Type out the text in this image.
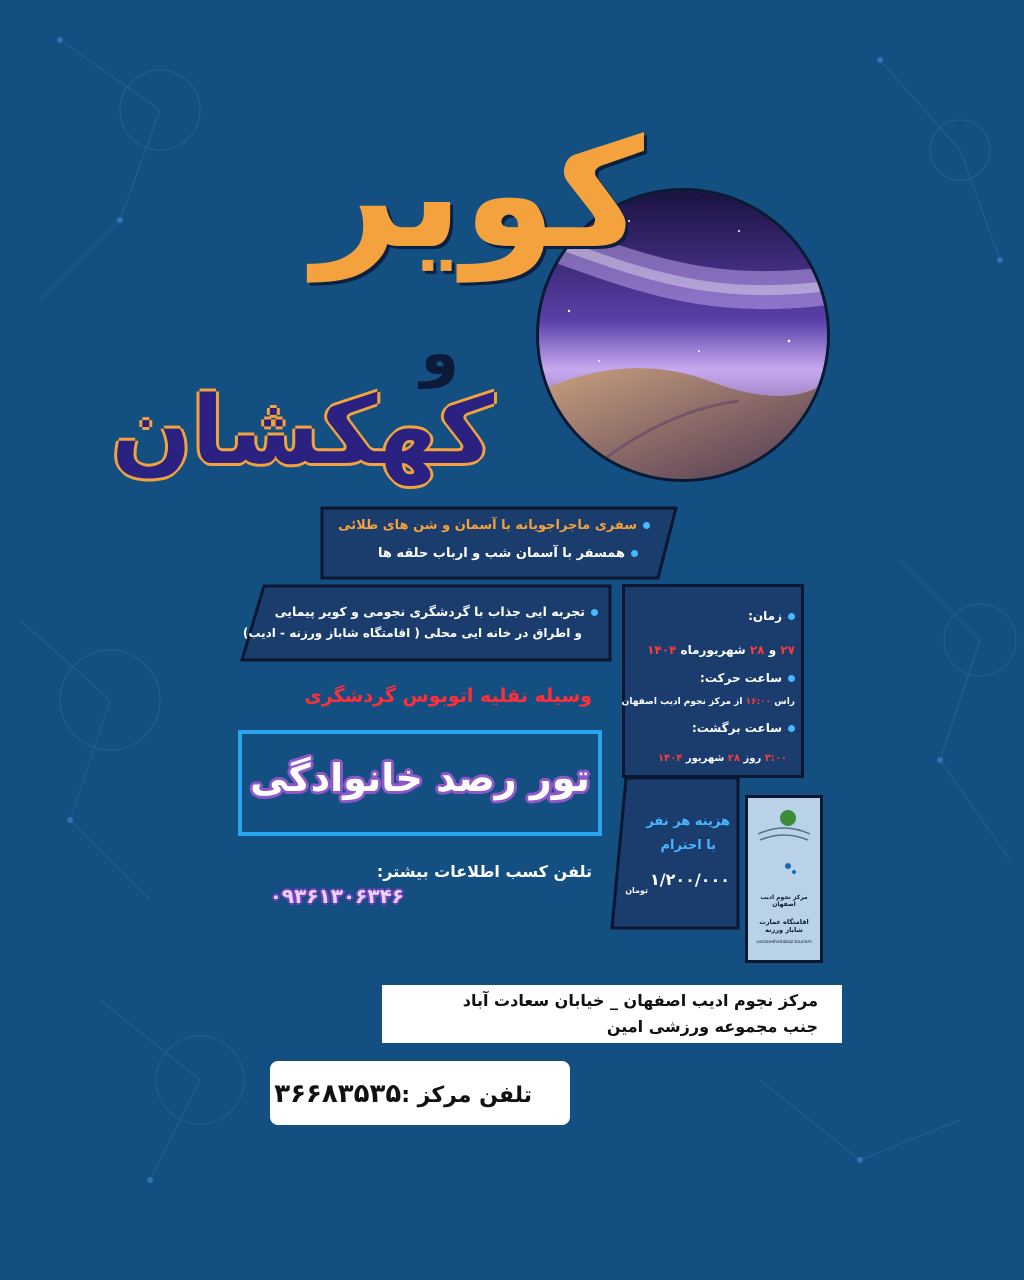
کویر
و
کهکشان
سفری ماجراجویانه با آسمان و شن های طلائی
همسفر با آسمان شب و ارباب حلقه ها
تجربه ایی جذاب با گردشگری نجومی و کویر پیمایی
و اطراق در خانه ایی محلی ( اقامتگاه شاباز ورزنه - ادیب)
زمان:
۲۷ و ۲۸ شهریورماه ۱۴۰۴
ساعت حرکت:
راس ۱۶:۰۰ از مرکز نجوم ادیب اصفهان
ساعت برگشت:
۳:۰۰ روز ۲۸ شهریور ۱۴۰۴
وسیله نقلیه اتوبوس گردشگری
تور رصد خانوادگی
هزینه هر نفر
با احترام
۱/۲۰۰/۰۰۰
تومان
مرکز نجوم ادیب اصفهان
اقامتگاه عمارت شاباز ورزنه
varzanehshabaz.tourism
تلفن کسب اطلاعات بیشتر:
۰۹۳۶۱۳۰۶۳۴۶
مرکز نجوم ادیب اصفهان _ خیابان سعادت آباد
جنب مجموعه ورزشی امین
تلفن مرکز :۳۶۶۸۳۵۳۵
